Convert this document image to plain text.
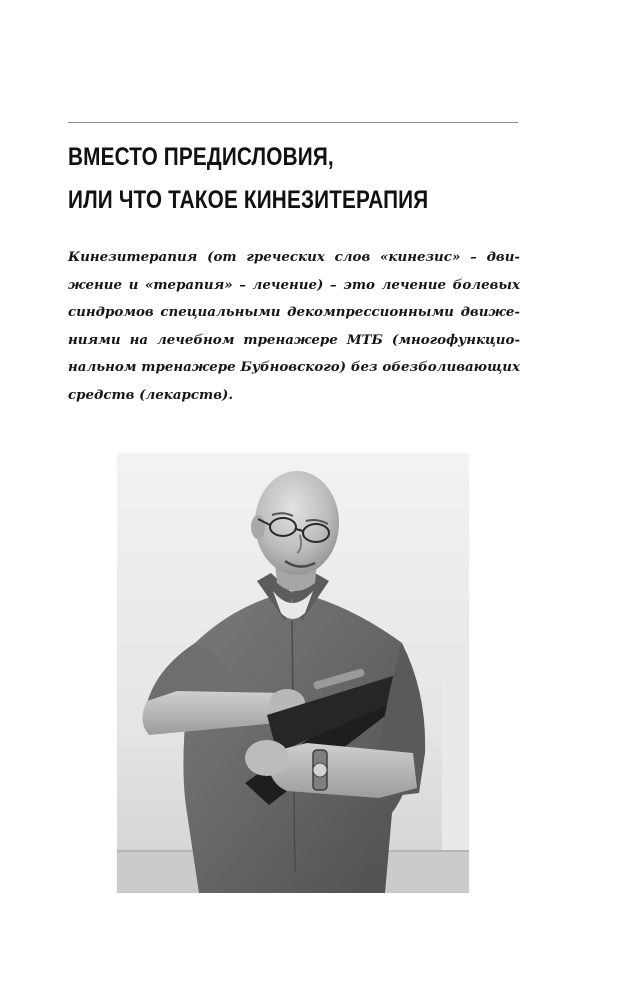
ВМЕСТО ПРЕДИСЛОВИЯ,
ИЛИ ЧТО ТАКОЕ КИНЕЗИТЕРАПИЯ

Кинезитерапия (от греческих слов «кинезис» – дви-
жение и «терапия» – лечение) – это лечение болевых
синдромов специальными декомпрессионными движе-
ниями на лечебном тренажере МТБ (многофункцио-
нальном тренажере Бубновского) без обезболивающих
средств (лекарств).
